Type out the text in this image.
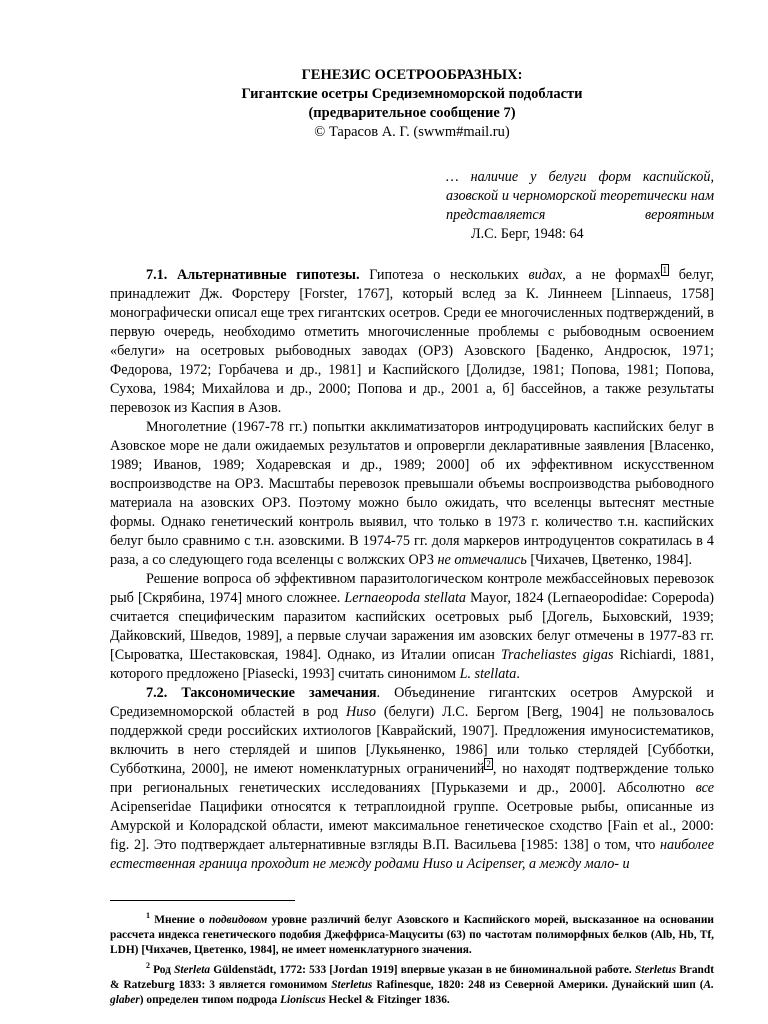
ГЕНЕЗИС ОСЕТРООБРАЗНЫХ:
Гигантские осетры Средиземноморской подобласти
(предварительное сообщение 7)
© Тарасов А. Г. (swwm#mail.ru)
… наличие у белуги форм каспийской, азовской и черноморской теоретически нам представляется вероятным
Л.С. Берг, 1948: 64

7.1. Альтернативные гипотезы. Гипотеза о нескольких видах, а не формах $^1$ белуг, принадлежит Дж. Форстеру [Forster, 1767], который вслед за К. Линнеем [Linnaeus, 1758] монографически описал еще трех гигантских осетров. Среди ее многочисленных подтверждений, в первую очередь, необходимо отметить многочисленные проблемы с рыбоводным освоением «белуги» на осетровых рыбоводных заводах (ОРЗ) Азовского [Баденко, Андросюк, 1971; Федорова, 1972; Горбачева и др., 1981] и Каспийского [Долидзе, 1981; Попова, 1981; Попова, Сухова, 1984; Михайлова и др., 2000; Попова и др., 2001 а, б] бассейнов, а также результаты перевозок из Каспия в Азов.

Многолетние (1967-78 гг.) попытки акклиматизаторов интродуцировать каспийских белуг в Азовское море не дали ожидаемых результатов и опровергли декларативные заявления [Власенко, 1989; Иванов, 1989; Ходаревская и др., 1989; 2000] об их эффективном искусственном воспроизводстве на ОРЗ. Масштабы перевозок превышали объемы воспроизводства рыбоводного материала на азовских ОРЗ. Поэтому можно было ожидать, что вселенцы вытеснят местные формы. Однако генетический контроль выявил, что только в 1973 г. количество т.н. каспийских белуг было сравнимо с т.н. азовскими. В 1974-75 гг. доля маркеров интродуцентов сократилась в 4 раза, а со следующего года вселенцы с волжских ОРЗ не отмечались [Чихачев, Цветенко, 1984].

Решение вопроса об эффективном паразитологическом контроле межбассейновых перевозок рыб [Скрябина, 1974] много сложнее. Lernaeopoda stellata Mayor, 1824 (Lernaeopodidae: Copepoda) считается специфическим паразитом каспийских осетровых рыб [Догель, Быховский, 1939; Дайковский, Шведов, 1989], а первые случаи заражения им азовских белуг отмечены в 1977-83 гг. [Сыроватка, Шестаковская, 1984]. Однако, из Италии описан Tracheliastes gigas Richiardi, 1881, которого предложено [Piasecki, 1993] считать синонимом L. stellata.

7.2. Таксономические замечания. Объединение гигантских осетров Амурской и Средиземноморской областей в род Huso (белуги) Л.С. Бергом [Berg, 1904] не пользовалось поддержкой среди российских ихтиологов [Каврайский, 1907]. Предложения имуносистематиков, включить в него стерлядей и шипов [Лукьяненко, 1986] или только стерлядей [Субботки, Субботкина, 2000], не имеют номенклатурных ограничений $^2$ , но находят подтверждение только при региональных генетических исследованиях [Пурьказеми и др., 2000]. Абсолютно все Acipenseridae Пацифики относятся к тетраплоидной группе. Осетровые рыбы, описанные из Амурской и Колорадской области, имеют максимальное генетическое сходство [Fain et al., 2000: fig. 2]. Это подтверждает альтернативные взгляды В.П. Васильева [1985: 138] о том, что наиболее естественная граница проходит не между родами Huso и Acipenser, а между мало- и

$^1$ Мнение о подвидовом уровне различий белуг Азовского и Каспийского морей, высказанное на основании рассчета индекса генетического подобия Джеффриса-Мацуситы (63) по частотам полиморфных белков (Alb, Hb, Tf, LDH) [Чихачев, Цветенко, 1984], не имеет номенклатурного значения.

$^2$ Род Sterleta Güldenstädt, 1772: 533 [Jordan 1919] впервые указан в не биноминальной работе. Sterletus Brandt & Ratzeburg 1833: 3 является гомонимом Sterletus Rafinesque, 1820: 248 из Северной Америки. Дунайский шип (A. glaber) определен типом подрода Lioniscus Heckel & Fitzinger 1836.
